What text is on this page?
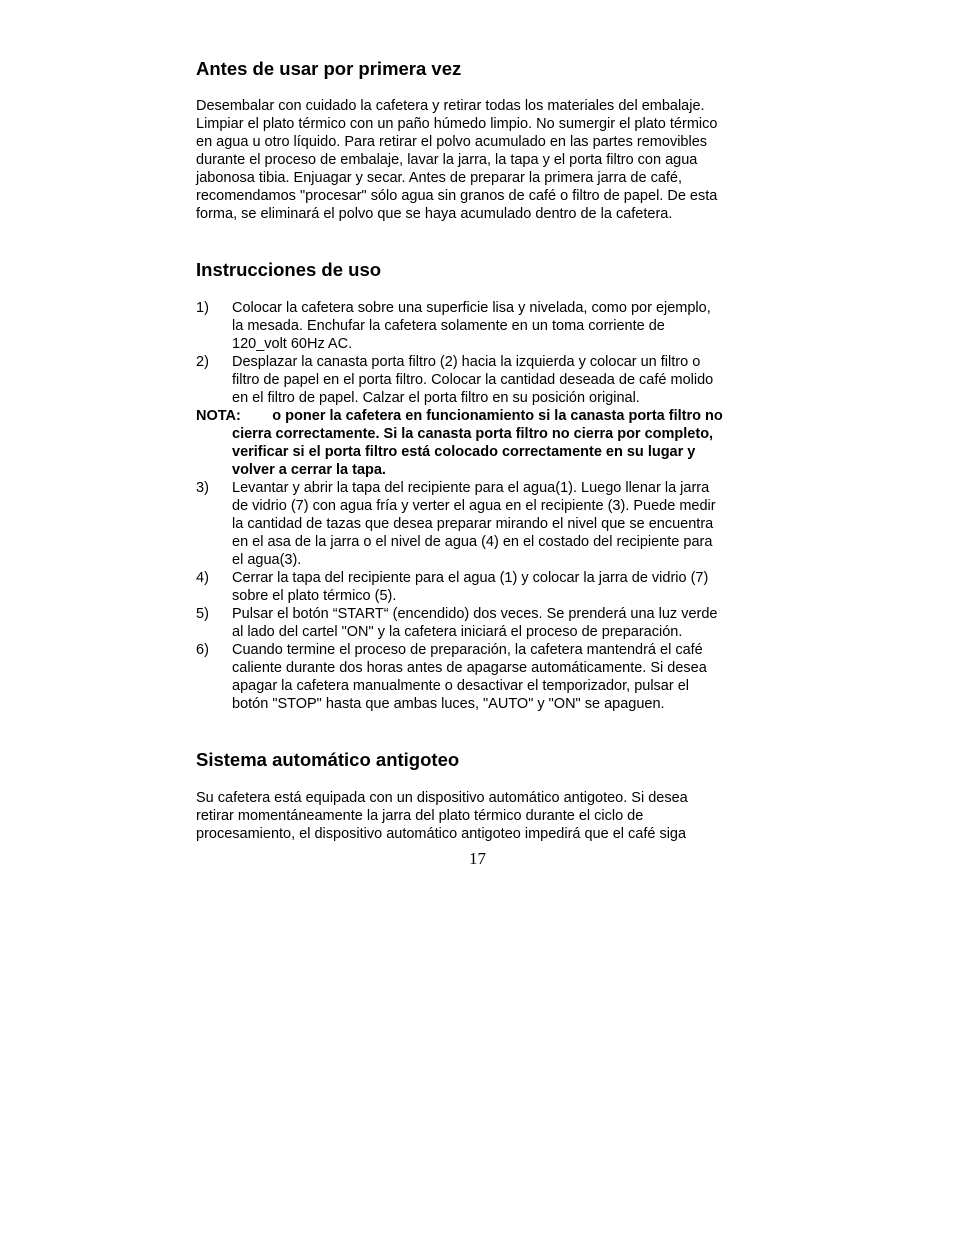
Antes de usar por primera vez
Desembalar con cuidado la cafetera y retirar todas los materiales del embalaje.
Limpiar el plato térmico con un paño húmedo limpio. No sumergir el plato térmico
en agua u otro líquido. Para retirar el polvo acumulado en las partes removibles
durante el proceso de embalaje, lavar la jarra, la tapa y el porta filtro con agua
jabonosa tibia. Enjuagar y secar. Antes de preparar la primera jarra de café,
recomendamos "procesar" sólo agua sin granos de café o filtro de papel. De esta
forma, se eliminará el polvo que se haya acumulado dentro de la cafetera.
Instrucciones de uso
1) Colocar la cafetera sobre una superficie lisa y nivelada, como por ejemplo,
la mesada. Enchufar la cafetera solamente en un toma corriente de
120_volt 60Hz AC.
2) Desplazar la canasta porta filtro (2) hacia la izquierda y colocar un filtro o
filtro de papel en el porta filtro. Colocar la cantidad deseada de café molido
en el filtro de papel. Calzar el porta filtro en su posición original.
NOTA:	o poner la cafetera en funcionamiento si la canasta porta filtro no
cierra correctamente. Si la canasta porta filtro no cierra por completo,
verificar si el porta filtro está colocado correctamente en su lugar y
volver a cerrar la tapa.
3) Levantar y abrir la tapa del recipiente para el agua(1). Luego llenar la jarra
de vidrio (7) con agua fría y verter el agua en el recipiente (3). Puede medir
la cantidad de tazas que desea preparar mirando el nivel que se encuentra
en el asa de la jarra o el nivel de agua (4) en el costado del recipiente para
el agua(3).
4) Cerrar la tapa del recipiente para el agua (1) y colocar la jarra de vidrio (7)
sobre el plato térmico (5).
5) Pulsar el botón “START“ (encendido) dos veces. Se prenderá una luz verde
al lado del cartel "ON" y la cafetera iniciará el proceso de preparación.
6) Cuando termine el proceso de preparación, la cafetera mantendrá el café
caliente durante dos horas antes de apagarse automáticamente. Si desea
apagar la cafetera manualmente o desactivar el temporizador, pulsar el
botón "STOP" hasta que ambas luces, "AUTO" y "ON" se apaguen.
Sistema automático antigoteo
Su cafetera está equipada con un dispositivo automático antigoteo. Si desea
retirar momentáneamente la jarra del plato térmico durante el ciclo de
procesamiento, el dispositivo automático antigoteo impedirá que el café siga

17
